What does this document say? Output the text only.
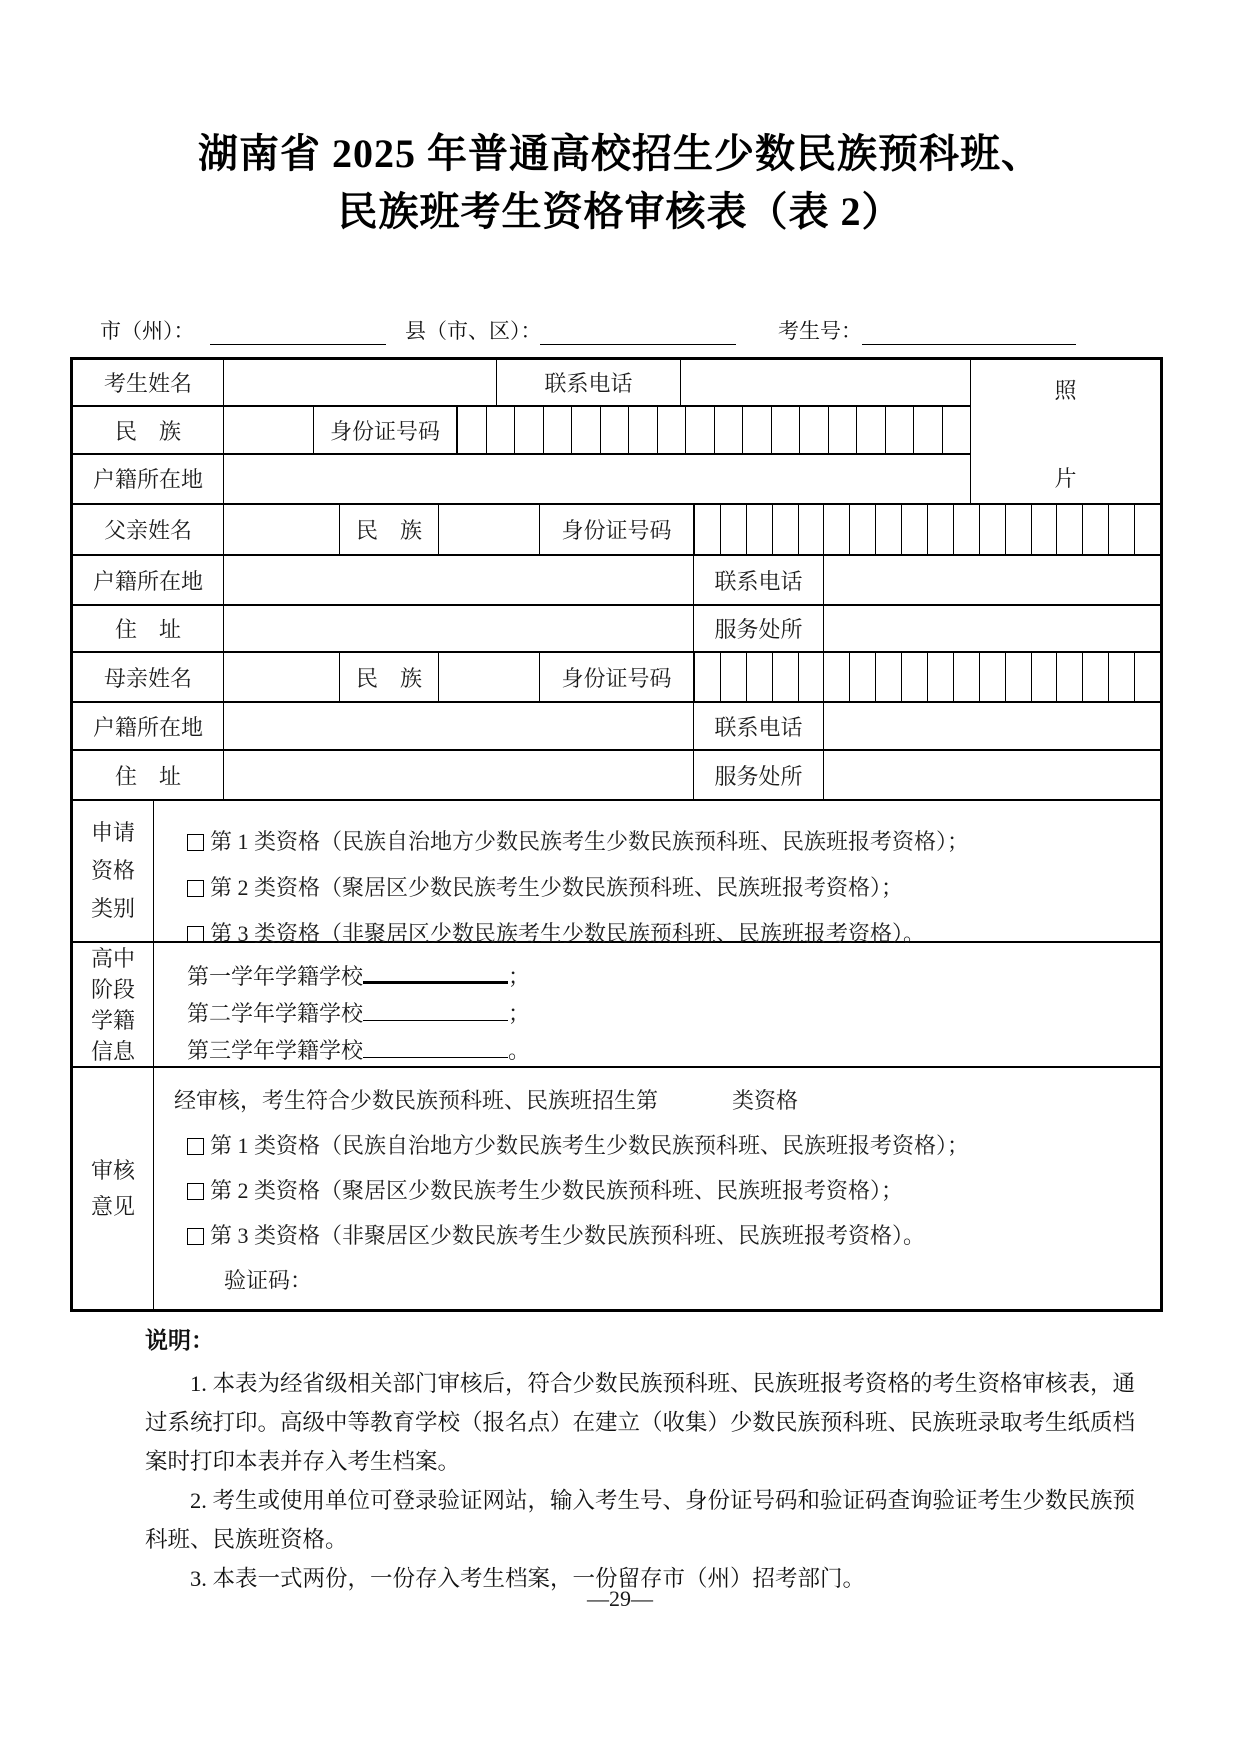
湖南省 2025 年普通高校招生少数民族预科班、
民族班考生资格审核表（表 2）
市（州）：	县（市、区）：	考生号：
考生姓名	联系电话
民　族	身份证号码
户籍所在地
照
片
父亲姓名	民　族	身份证号码
户籍所在地	联系电话
住　址	服务处所
母亲姓名	民　族	身份证号码
户籍所在地	联系电话
住　址	服务处所
申请
资格
类别
第 1 类资格（民族自治地方少数民族考生少数民族预科班、民族班报考资格）；
第 2 类资格（聚居区少数民族考生少数民族预科班、民族班报考资格）；
第 3 类资格（非聚居区少数民族考生少数民族预科班、民族班报考资格）。
高中
阶段
学籍
信息
第一学年学籍学校	；
第二学年学籍学校	；
第三学年学籍学校	。
审核
意见
经审核，考生符合少数民族预科班、民族班招生第	类资格
第 1 类资格（民族自治地方少数民族考生少数民族预科班、民族班报考资格）；
第 2 类资格（聚居区少数民族考生少数民族预科班、民族班报考资格）；
第 3 类资格（非聚居区少数民族考生少数民族预科班、民族班报考资格）。
验证码：
说明：

1. 本表为经省级相关部门审核后，符合少数民族预科班、民族班报考资格的考生资格审核表，通过系统打印。高级中等教育学校（报名点）在建立（收集）少数民族预科班、民族班录取考生纸质档案时打印本表并存入考生档案。

2. 考生或使用单位可登录验证网站，输入考生号、身份证号码和验证码查询验证考生少数民族预科班、民族班资格。

3. 本表一式两份，一份存入考生档案，一份留存市（州）招考部门。

—29—
